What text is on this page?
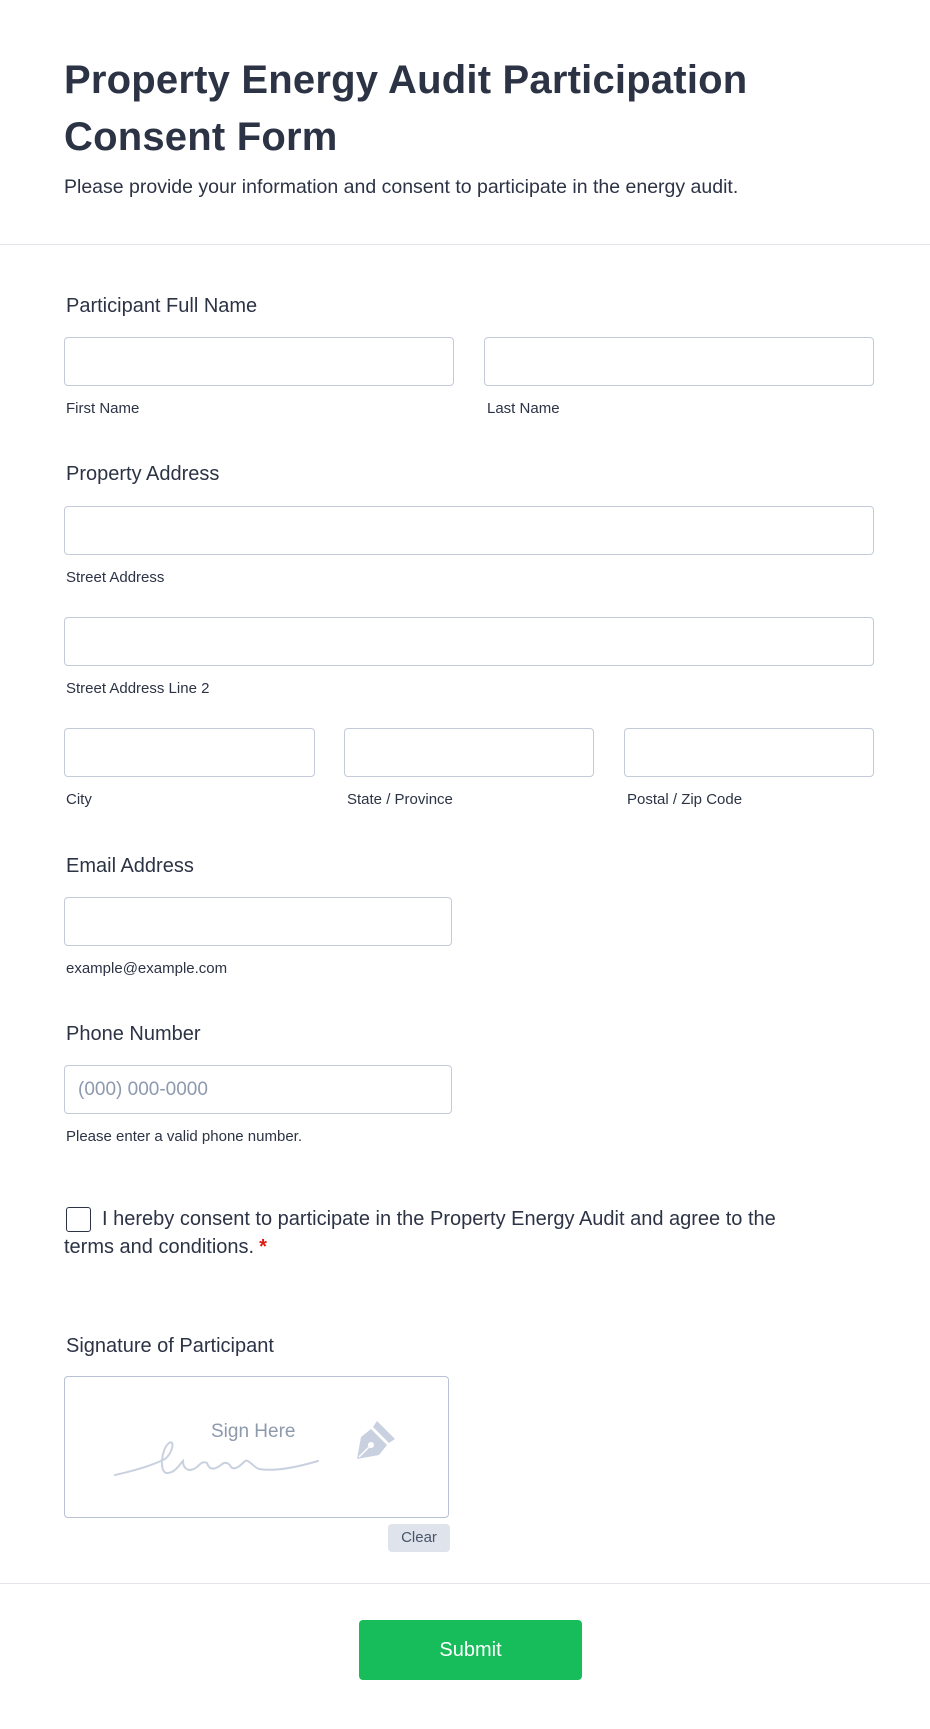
Property Energy Audit Participation Consent Form

Please provide your information and consent to participate in the energy audit.

Participant Full Name
First Name	Last Name
Property Address
Street Address
Street Address Line 2
City	State / Province	Postal / Zip Code
Email Address
example@example.com
Phone Number
(000) 000-0000
Please enter a valid phone number.
I hereby consent to participate in the Property Energy Audit and agree to the terms and conditions. *
Signature of Participant
Sign Here
Clear
Submit
